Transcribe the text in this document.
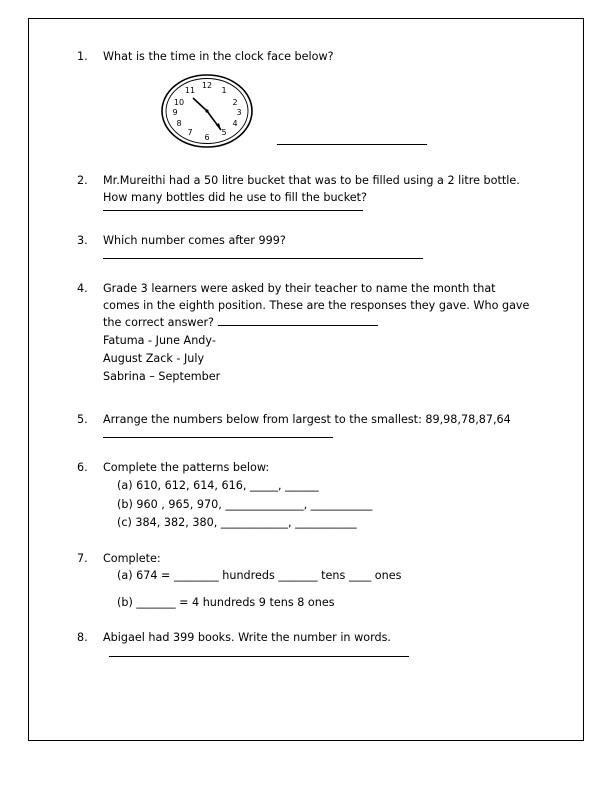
1.	What is the time in the clock face below?
12
1
2
3
4
5
6
7
8
9
10
11
2.	Mr.Mureithi had a 50 litre bucket that was to be filled using a 2 litre bottle.
How many bottles did he use to fill the bucket?
3.	Which number comes after 999?
4.	Grade 3 learners were asked by their teacher to name the month that
comes in the eighth position. These are the responses they gave. Who gave
the correct answer?
Fatuma - June Andy-
August Zack - July
Sabrina – September
5.	Arrange the numbers below from largest to the smallest: 89,98,78,87,64
6.	Complete the patterns below:
(a) 610, 612, 614, 616, _____, ______
(b) 960 , 965, 970, ______________, ___________
(c) 384, 382, 380, ____________, ___________
7.	Complete:
(a) 674 = ________ hundreds _______ tens ____ ones
(b) _______ = 4 hundreds 9 tens 8 ones
8.	Abigael had 399 books. Write the number in words.
